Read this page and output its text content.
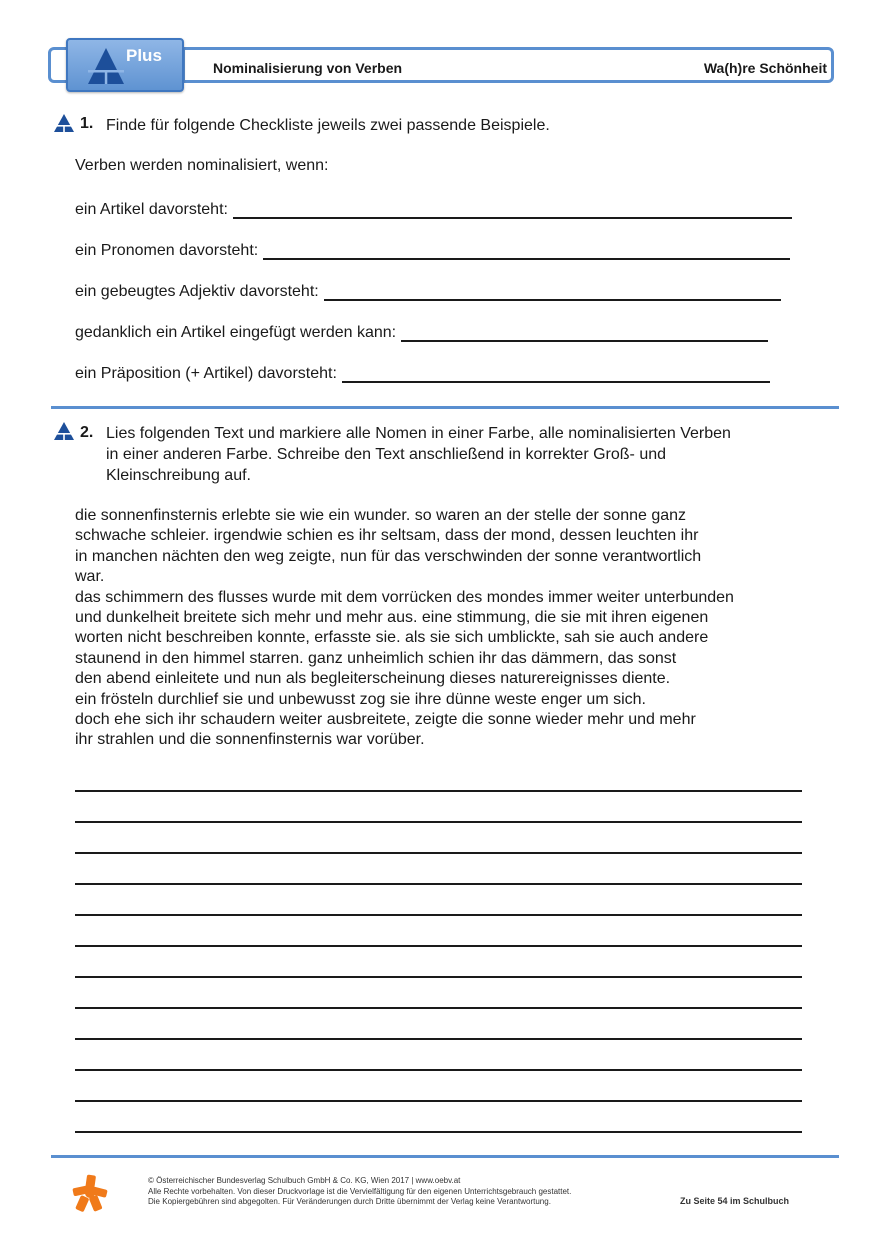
Plus
Nominalisierung von Verben	Wa(h)re Schönheit
1. Finde für folgende Checkliste jeweils zwei passende Beispiele.
Verben werden nominalisiert, wenn:
ein Artikel davorsteht:
ein Pronomen davorsteht:
ein gebeugtes Adjektiv davorsteht:
gedanklich ein Artikel eingefügt werden kann:
ein Präposition (+ Artikel) davorsteht:
2. Lies folgenden Text und markiere alle Nomen in einer Farbe, alle nominalisierten Verben
in einer anderen Farbe. Schreibe den Text anschließend in korrekter Groß- und
Kleinschreibung auf.
die sonnenfinsternis erlebte sie wie ein wunder. so waren an der stelle der sonne ganz
schwache schleier. irgendwie schien es ihr seltsam, dass der mond, dessen leuchten ihr
in manchen nächten den weg zeigte, nun für das verschwinden der sonne verantwortlich
war.
das schimmern des flusses wurde mit dem vorrücken des mondes immer weiter unterbunden
und dunkelheit breitete sich mehr und mehr aus. eine stimmung, die sie mit ihren eigenen
worten nicht beschreiben konnte, erfasste sie. als sie sich umblickte, sah sie auch andere
staunend in den himmel starren. ganz unheimlich schien ihr das dämmern, das sonst
den abend einleitete und nun als begleiterscheinung dieses naturereignisses diente.
ein frösteln durchlief sie und unbewusst zog sie ihre dünne weste enger um sich.
doch ehe sich ihr schaudern weiter ausbreitete, zeigte die sonne wieder mehr und mehr
ihr strahlen und die sonnenfinsternis war vorüber.
© Österreichischer Bundesverlag Schulbuch GmbH & Co. KG, Wien 2017 | www.oebv.at
Alle Rechte vorbehalten. Von dieser Druckvorlage ist die Vervielfältigung für den eigenen Unterrichtsgebrauch gestattet.
Die Kopiergebühren sind abgegolten. Für Veränderungen durch Dritte übernimmt der Verlag keine Verantwortung.	Zu Seite 54 im Schulbuch
